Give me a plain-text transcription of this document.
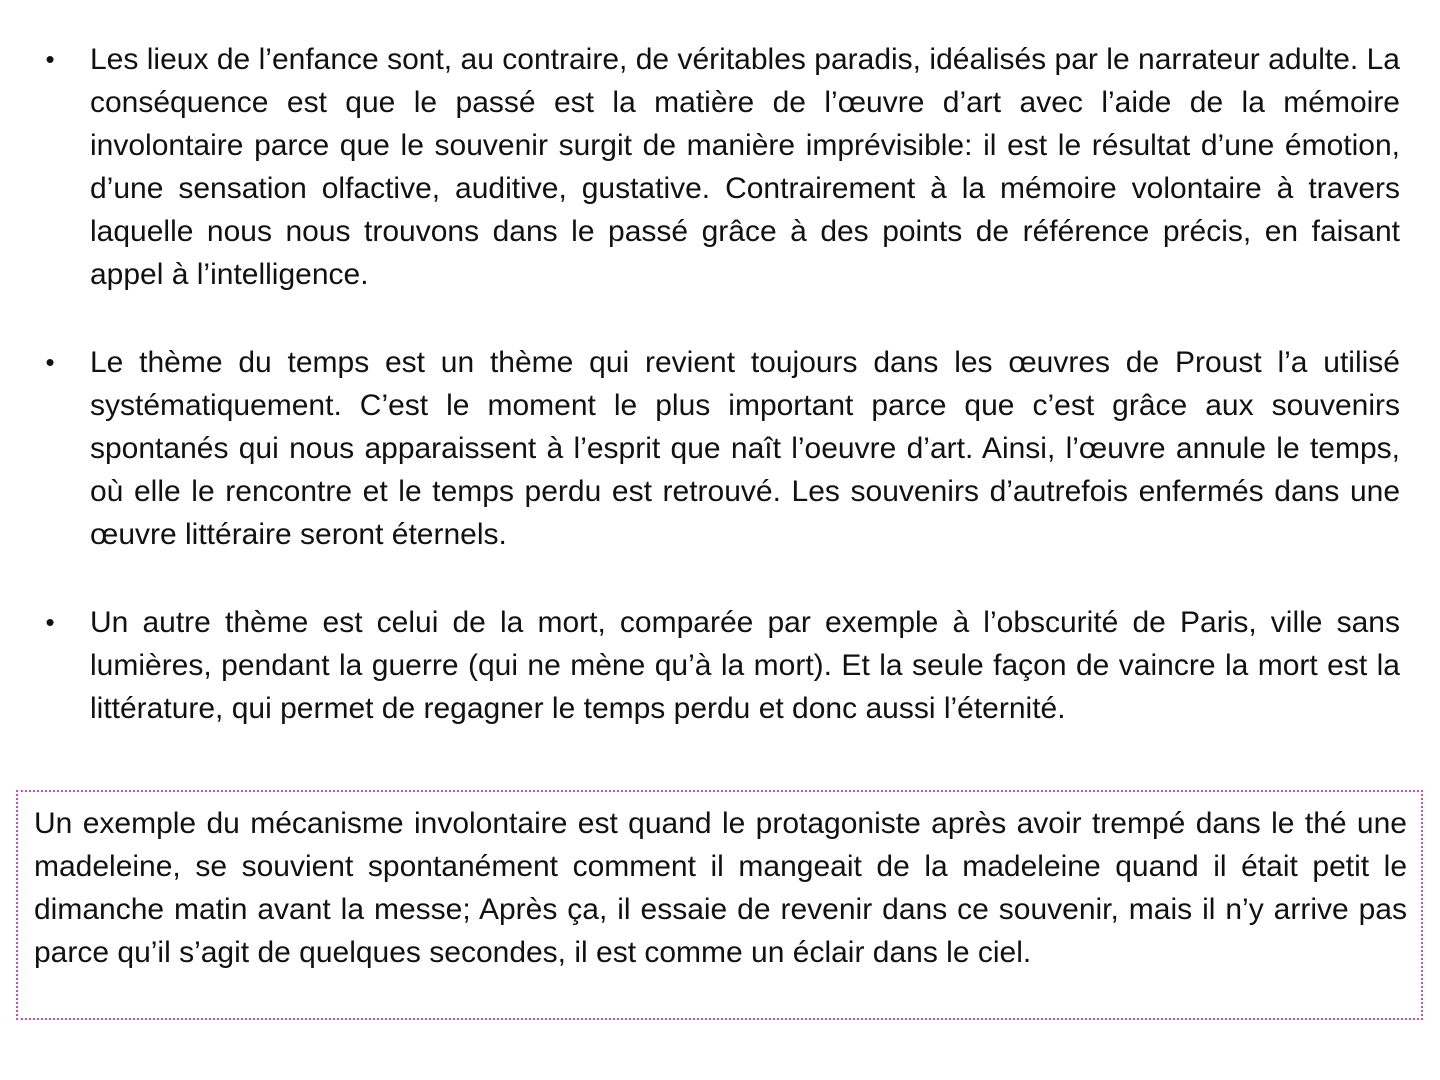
• Les lieux de l’enfance sont, au contraire, de véritables paradis, idéalisés par le narrateur adulte. La conséquence est que le passé est la matière de l’œuvre d’art avec l’aide de la mémoire involontaire parce que le souvenir surgit de manière imprévisible: il est le résultat d’une émotion, d’une sensation olfactive, auditive, gustative. Contrairement à la mémoire volontaire à travers laquelle nous nous trouvons dans le passé grâce à des points de référence précis, en faisant appel à l’intelligence.

• Le thème du temps est un thème qui revient toujours dans les œuvres de Proust l’a utilisé systématiquement. C’est le moment le plus important parce que c’est grâce aux souvenirs spontanés qui nous apparaissent à l’esprit que naît l’oeuvre d’art. Ainsi, l’œuvre annule le temps, où elle le rencontre et le temps perdu est retrouvé. Les souvenirs d’autrefois enfermés dans une œuvre littéraire seront éternels.

• Un autre thème est celui de la mort, comparée par exemple à l’obscurité de Paris, ville sans lumières, pendant la guerre (qui ne mène qu’à la mort). Et la seule façon de vaincre la mort est la littérature, qui permet de regagner le temps perdu et donc aussi l’éternité.

Un exemple du mécanisme involontaire est quand le protagoniste après avoir trempé dans le thé une madeleine, se souvient spontanément comment il mangeait de la madeleine quand il était petit le dimanche matin avant la messe; Après ça, il essaie de revenir dans ce souvenir, mais il n’y arrive pas parce qu’il s’agit de quelques secondes, il est comme un éclair dans le ciel.
